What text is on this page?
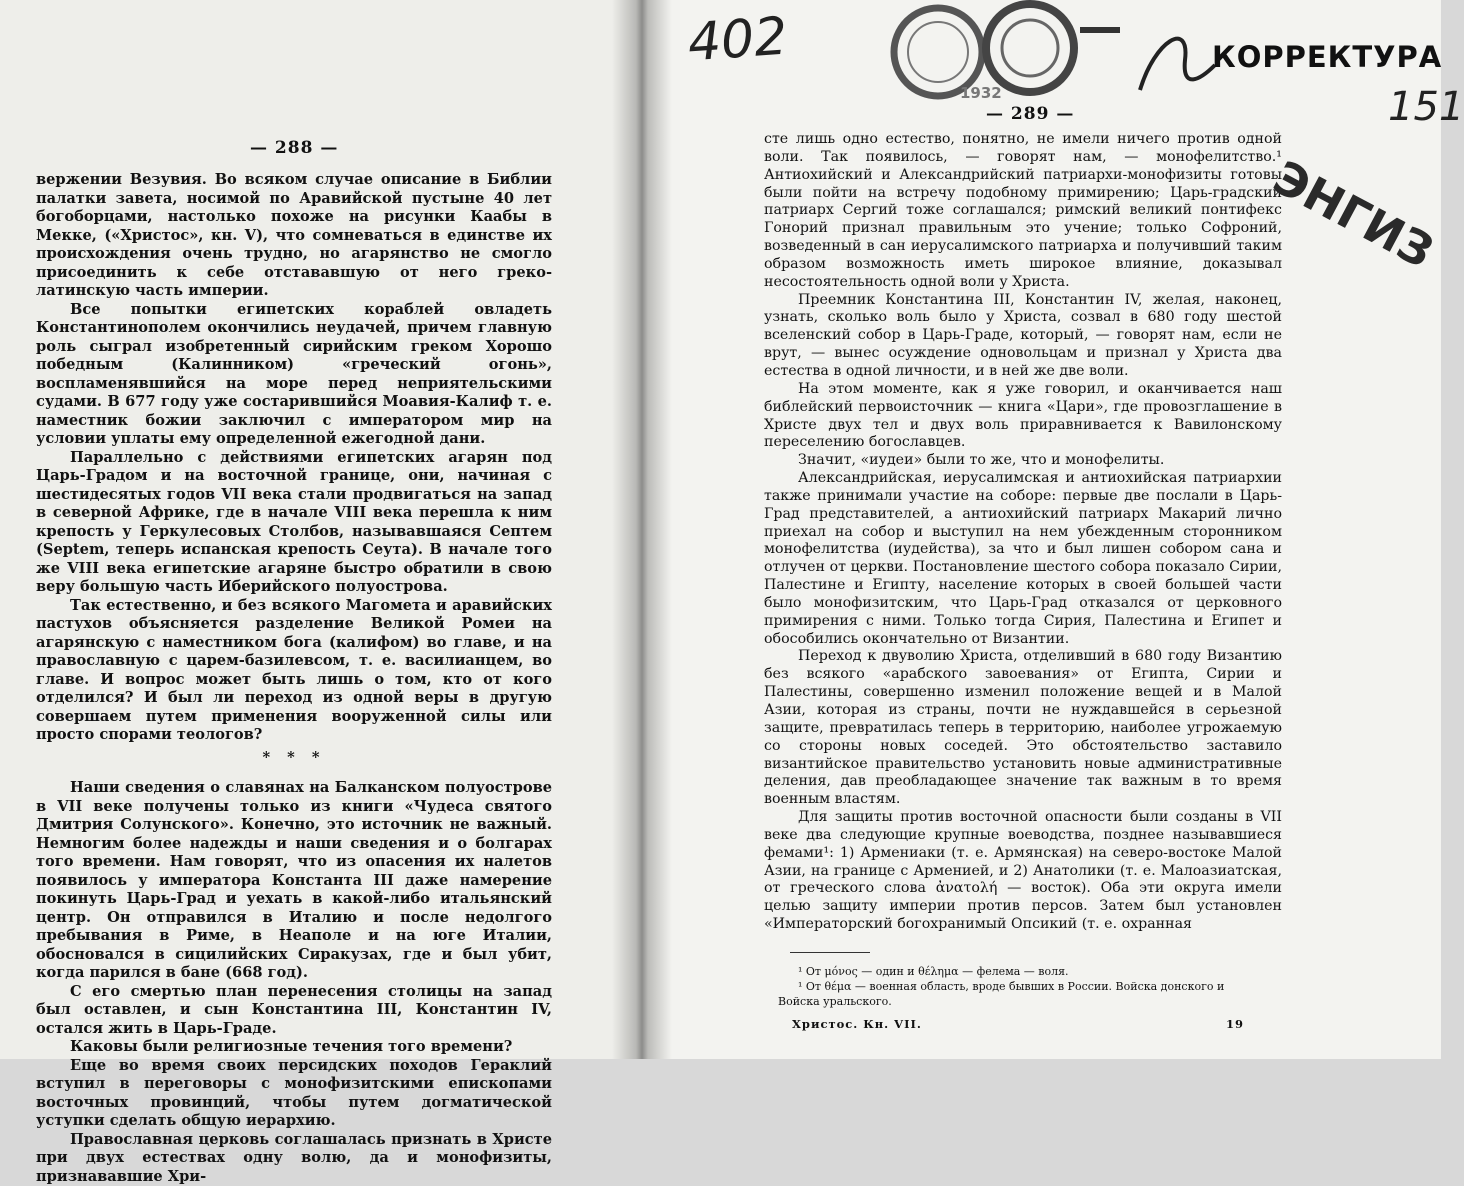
— 288 —

вержении Везувия. Во всяком случае описание в Библии палатки завета, носимой по Аравийской пустыне 40 лет богоборцами, настолько похоже на рисунки Каабы в Мекке, («Христос», кн. V), что сомневаться в единстве их происхождения очень трудно, но агарянство не смогло присоединить к себе отстававшую от него греко-латинскую часть империи.

Все попытки египетских кораблей овладеть Константинополем окончились неудачей, причем главную роль сыграл изобретенный сирийским греком Хорошо победным (Калинником) «греческий огонь», воспламенявшийся на море перед неприятельскими судами. В 677 году уже состарившийся Моавия-Калиф т. е. наместник божии заключил с императором мир на условии уплаты ему определенной ежегодной дани.

Параллельно с действиями египетских агарян под Царь-Градом и на восточной границе, они, начиная с шестидесятых годов VII века стали продвигаться на запад в северной Африке, где в начале VIII века перешла к ним крепость у Геркулесовых Столбов, называвшаяся Септем (Septem, теперь испанская крепость Сеута). В начале того же VIII века египетские агаряне быстро обратили в свою веру большую часть Иберийского полуострова.

Так естественно, и без всякого Магомета и аравийских пастухов объясняется разделение Великой Ромеи на агарянскую с наместником бога (калифом) во главе, и на православную с царем-базилевсом, т. е. василианцем, во главе. И вопрос может быть лишь о том, кто от кого отделился? И был ли переход из одной веры в другую совершаем путем применения вооруженной силы или просто спорами теологов?

* * *

Наши сведения о славянах на Балканском полуострове в VII веке получены только из книги «Чудеса святого Дмитрия Солунского». Конечно, это источник не важный. Немногим более надежды и наши сведения и о болгарах того времени. Нам говорят, что из опасения их налетов появилось у императора Константа III даже намерение покинуть Царь-Град и уехать в какой-либо итальянский центр. Он отправился в Италию и после недолгого пребывания в Риме, в Неаполе и на юге Италии, обосновался в сицилийских Сиракузах, где и был убит, когда парился в бане (668 год).

С его смертью план перенесения столицы на запад был оставлен, и сын Константина III, Константин IV, остался жить в Царь-Граде.

Каковы были религиозные течения того времени?

Еще во время своих персидских походов Гераклий вступил в переговоры с монофизитскими епископами восточных провинций, чтобы путем догматической уступки сделать общую иерархию.

Православная церковь соглашалась признать в Христе при двух естествах одну волю, да и монофизиты, признававшие Хри-

— 289 —

сте лишь одно естество, понятно, не имели ничего против одной воли. Так появилось, — говорят нам, — монофелитство.¹ Антиохийский и Александрийский патриархи-монофизиты готовы были пойти на встречу подобному примирению; Царь-градский патриарх Сергий тоже соглашался; римский великий понтифекс Гонорий признал правильным это учение; только Софроний, возведенный в сан иерусалимского патриарха и получивший таким образом возможность иметь широкое влияние, доказывал несостоятельность одной воли у Христа.

Преемник Константина III, Константин IV, желая, наконец, узнать, сколько воль было у Христа, созвал в 680 году шестой вселенский собор в Царь-Граде, который, — говорят нам, если не врут, — вынес осуждение одновольцам и признал у Христа два естества в одной личности, и в ней же две воли.

На этом моменте, как я уже говорил, и оканчивается наш библейский первоисточник — книга «Цари», где провозглашение в Христе двух тел и двух воль приравнивается к Вавилонскому переселению богославцев.

Значит, «иудеи» были то же, что и монофелиты.

Александрийская, иерусалимская и антиохийская патриархии также принимали участие на соборе: первые две послали в Царь-Град представителей, а антиохийский патриарх Макарий лично приехал на собор и выступил на нем убежденным сторонником монофелитства (иудейства), за что и был лишен собором сана и отлучен от церкви. Постановление шестого собора показало Сирии, Палестине и Египту, население которых в своей большей части было монофизитским, что Царь-Град отказался от церковного примирения с ними. Только тогда Сирия, Палестина и Египет и обособились окончательно от Византии.

Переход к двуволию Христа, отделивший в 680 году Византию без всякого «арабского завоевания» от Египта, Сирии и Палестины, совершенно изменил положение вещей и в Малой Азии, которая из страны, почти не нуждавшейся в серьезной защите, превратилась теперь в территорию, наиболее угрожаемую со стороны новых соседей. Это обстоятельство заставило византийское правительство установить новые административные деления, дав преобладающее значение так важным в то время военным властям.

Для защиты против восточной опасности были созданы в VII веке два следующие крупные воеводства, позднее называвшиеся фемами¹: 1) Армениаки (т. е. Армянская) на северо-востоке Малой Азии, на границе с Арменией, и 2) Анатолики (т. е. Малоазиатская, от греческого слова ἀνατολή — восток). Оба эти округа имели целью защиту империи против персов. Затем был установлен «Императорский богохранимый Опсикий (т. е. охранная

¹ От μόνος — один и θέλημα — фелема — воля.

¹ От θέμα — военная область, вроде бывших в России. Войска донского и Войска уральского.

Христос. Кн. VII.	19
402
151
1932
КОРРЕКТУРА
ЭНГИЗ
